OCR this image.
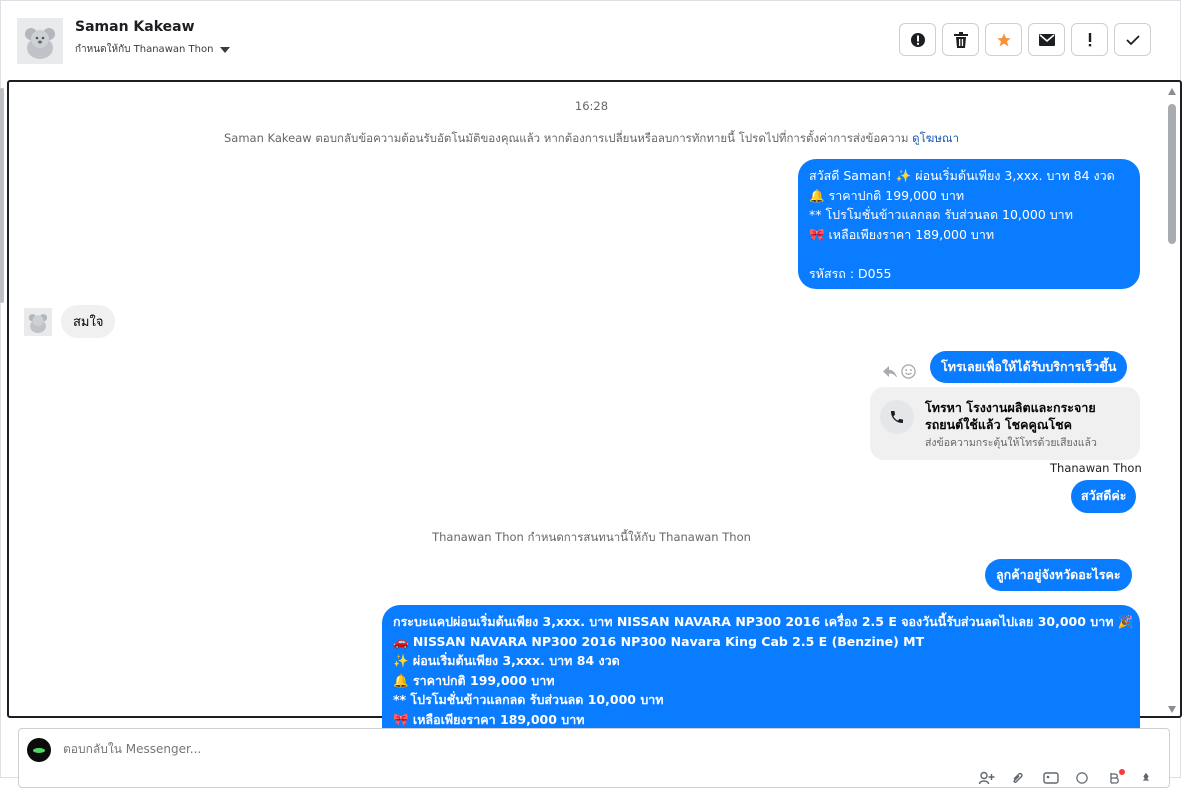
Saman Kakeaw
กำหนดให้กับ Thanawan Thon
16:28
Saman Kakeaw ตอบกลับข้อความต้อนรับอัตโนมัติของคุณแล้ว หากต้องการเปลี่ยนหรือลบการทักทายนี้ โปรดไปที่การตั้งค่าการส่งข้อความ ดูโฆษณา
สวัสดี Saman! ✨ ผ่อนเริ่มต้นเพียง 3,xxx. บาท 84 งวด
🔔 ราคาปกติ 199,000 บาท
** โปรโมชั่นข้าวแลกลด รับส่วนลด 10,000 บาท
🎀 เหลือเพียงราคา 189,000 บาท
รหัสรถ : D055
สมใจ
โทรเลยเพื่อให้ได้รับบริการเร็วขึ้น
โทรหา โรงงานผลิตและกระจายรถยนต์ใช้แล้ว โชคคูณโชค
ส่งข้อความกระตุ้นให้โทรด้วยเสียงแล้ว
Thanawan Thon
สวัสดีค่ะ
Thanawan Thon กำหนดการสนทนานี้ให้กับ Thanawan Thon
ลูกค้าอยู่จังหวัดอะไรคะ
กระบะแคปผ่อนเริ่มต้นเพียง 3,xxx. บาท NISSAN NAVARA NP300 2016 เครื่อง 2.5 E จองวันนี้รับส่วนลดไปเลย 30,000 บาท 🎉
🚗 NISSAN NAVARA NP300 2016 NP300 Navara King Cab 2.5 E (Benzine) MT
✨ ผ่อนเริ่มต้นเพียง 3,xxx. บาท 84 งวด
🔔 ราคาปกติ 199,000 บาท
** โปรโมชั่นข้าวแลกลด รับส่วนลด 10,000 บาท
🎀 เหลือเพียงราคา 189,000 บาท
ตอบกลับใน Messenger...
